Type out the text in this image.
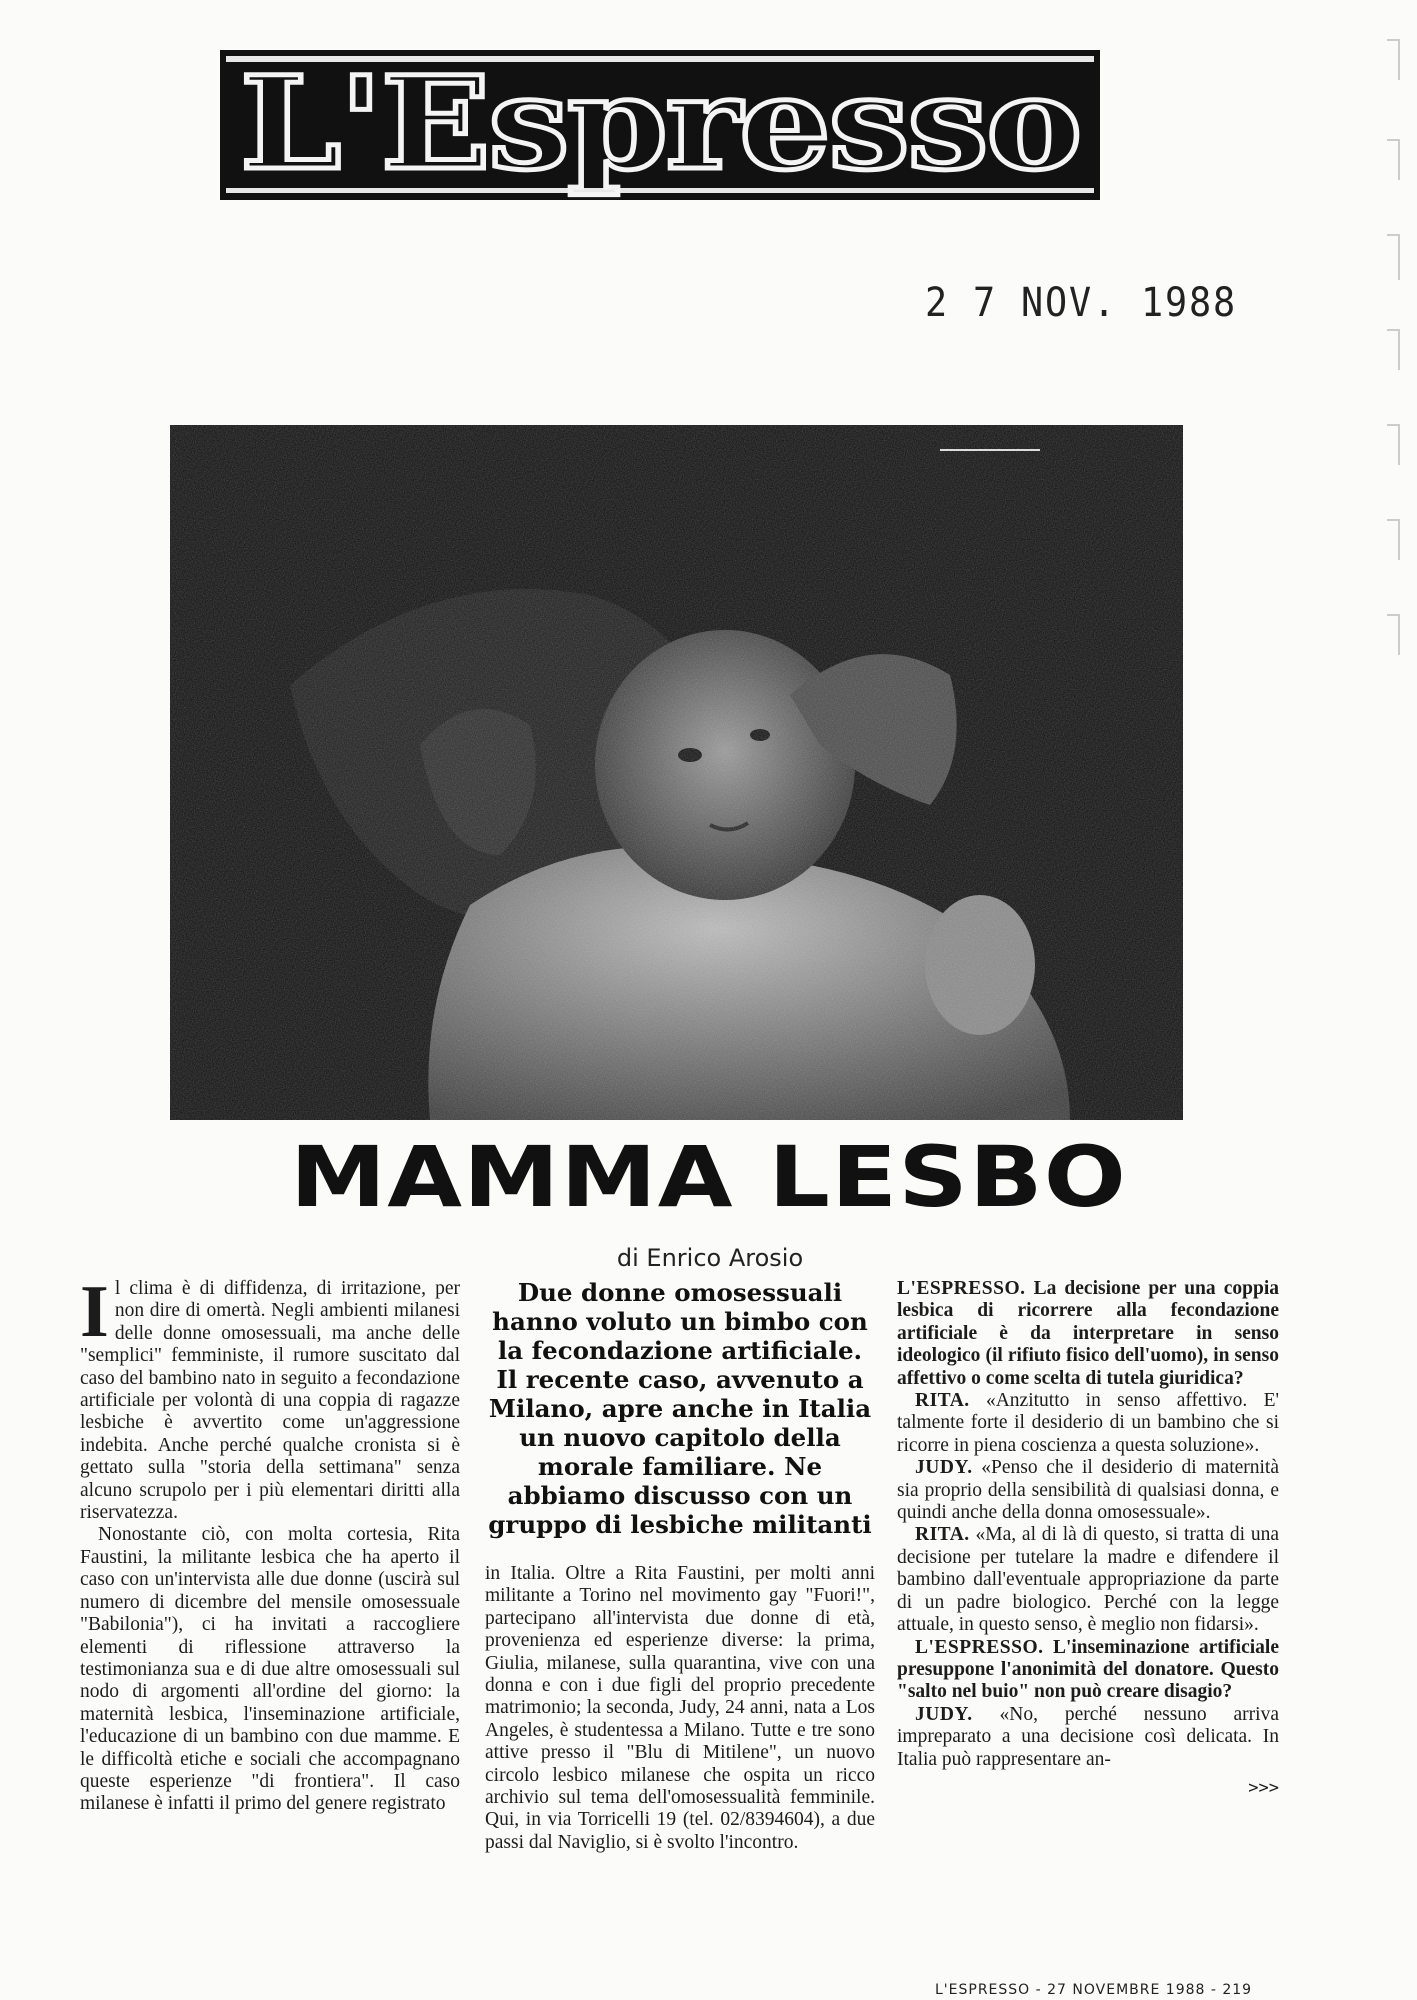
L'Espresso
2 7 NOV. 1988
MAMMA LESBO
di Enrico Arosio

Il clima è di diffidenza, di irritazione, per non dire di omertà. Negli ambienti milanesi delle donne omosessuali, ma anche delle "semplici" femministe, il rumore suscitato dal caso del bambino nato in seguito a fecondazione artificiale per volontà di una coppia di ragazze lesbiche è avvertito come un'aggressione indebita. Anche perché qualche cronista si è gettato sulla "storia della settimana" senza alcuno scrupolo per i più elementari diritti alla riservatezza.

Nonostante ciò, con molta cortesia, Rita Faustini, la militante lesbica che ha aperto il caso con un'intervista alle due donne (uscirà sul numero di dicembre del mensile omosessuale "Babilonia"), ci ha invitati a raccogliere elementi di riflessione attraverso la testimonianza sua e di due altre omosessuali sul nodo di argomenti all'ordine del giorno: la maternità lesbica, l'inseminazione artificiale, l'educazione di un bambino con due mamme. E le difficoltà etiche e sociali che accompagnano queste esperienze "di frontiera". Il caso milanese è infatti il primo del genere registrato

Due donne omosessuali hanno voluto un bimbo con la fecondazione artificiale. Il recente caso, avvenuto a Milano, apre anche in Italia un nuovo capitolo della morale familiare. Ne abbiamo discusso con un gruppo di lesbiche militanti

in Italia. Oltre a Rita Faustini, per molti anni militante a Torino nel movimento gay "Fuori!", partecipano all'intervista due donne di età, provenienza ed esperienze diverse: la prima, Giulia, milanese, sulla quarantina, vive con una donna e con i due figli del proprio precedente matrimonio; la seconda, Judy, 24 anni, nata a Los Angeles, è studentessa a Milano. Tutte e tre sono attive presso il "Blu di Mitilene", un nuovo circolo lesbico milanese che ospita un ricco archivio sul tema dell'omosessualità femminile. Qui, in via Torricelli 19 (tel. 02/8394604), a due passi dal Naviglio, si è svolto l'incontro.

L'ESPRESSO. La decisione per una coppia lesbica di ricorrere alla fecondazione artificiale è da interpretare in senso ideologico (il rifiuto fisico dell'uomo), in senso affettivo o come scelta di tutela giuridica?

RITA. «Anzitutto in senso affettivo. E' talmente forte il desiderio di un bambino che si ricorre in piena coscienza a questa soluzione».

JUDY. «Penso che il desiderio di maternità sia proprio della sensibilità di qualsiasi donna, e quindi anche della donna omosessuale».

RITA. «Ma, al di là di questo, si tratta di una decisione per tutelare la madre e difendere il bambino dall'eventuale appropriazione da parte di un padre biologico. Perché con la legge attuale, in questo senso, è meglio non fidarsi».

L'ESPRESSO. L'inseminazione artificiale presuppone l'anonimità del donatore. Questo "salto nel buio" non può creare disagio?

JUDY. «No, perché nessuno arriva impreparato a una decisione così delicata. In Italia può rappresentare an-

>>>
L'ESPRESSO - 27 NOVEMBRE 1988 - 219
